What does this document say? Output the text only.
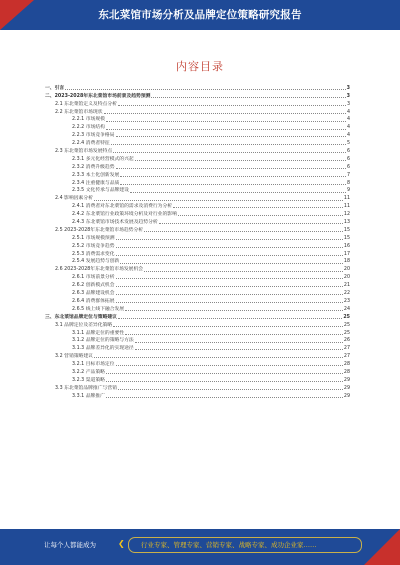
东北菜馆市场分析及品牌定位策略研究报告
内容目录
一、引言	3
二、2023-2028年东北菜馆市场前景及趋势预测	3
2.1 东北菜馆定义及特点分析	3
2.2 东北菜馆市场现状	4
2.2.1 市场规模	4
2.2.2 市场结构	4
2.2.3 市场竞争格局	4
2.2.4 消费者特征	5
2.3 东北菜馆市场发展特点	6
2.3.1 多元化经营模式的兴起	6
2.3.2 消费升级趋势	6
2.3.3 本土化创新发展	7
2.3.4 注重健康与品质	8
2.3.5 文化传承与品牌建设	9
2.4 影响因素分析	11
2.4.1 消费者对东北菜馆的需求及消费行为分析	11
2.4.2 东北菜馆行业政策环境分析及对行业的影响	12
2.4.3 东北菜馆市场技术发展及趋势分析	13
2.5 2023-2028年东北菜馆市场趋势分析	15
2.5.1 市场规模预测	15
2.5.2 市场竞争趋势	16
2.5.3 消费需求变化	17
2.5.4 发展趋势与创新	18
2.6 2023-2028年东北菜馆市场发展机会	20
2.6.1 市场前景分析	20
2.6.2 创新模式机会	21
2.6.3 品牌建设机会	22
2.6.4 消费群体拓展	23
2.6.5 线上线下融合发展	24
三、东北菜馆品牌定位与策略建议	25
3.1 品牌定位及差异化策略	25
3.1.1 品牌定位的重要性	25
3.1.2 品牌定位的策略与方法	26
3.1.3 品牌差异化的实现途径	27
3.2 营销策略建议	27
3.2.1 目标市场定位	28
3.2.2 产品策略	28
3.2.3 渠道策略	29
3.3 东北菜馆品牌推广与营销	29
3.3.1 品牌推广	29
让每个人都能成为	❮	行业专家、管理专家、营销专家、战略专家、成功企业家……
